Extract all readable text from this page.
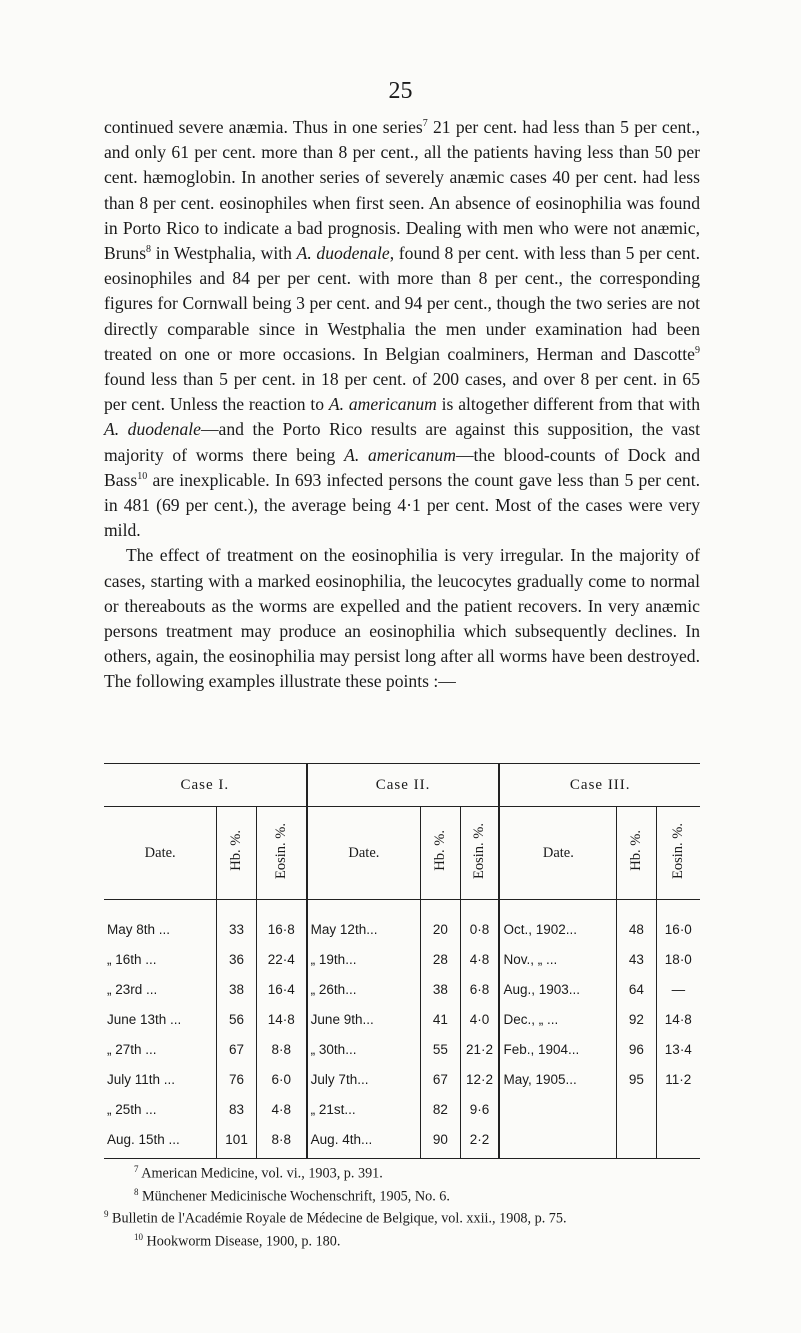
25

continued severe anæmia. Thus in one series$^7$ 21 per cent. had less than 5 per cent., and only 61 per cent. more than 8 per cent., all the patients having less than 50 per cent. hæmoglobin. In another series of severely anæmic cases 40 per cent. had less than 8 per cent. eosinophiles when first seen. An absence of eosinophilia was found in Porto Rico to indicate a bad prognosis. Dealing with men who were not anæmic, Bruns$^8$ in Westphalia, with A. duodenale, found 8 per cent. with less than 5 per cent. eosinophiles and 84 per per cent. with more than 8 per cent., the corresponding figures for Cornwall being 3 per cent. and 94 per cent., though the two series are not directly comparable since in Westphalia the men under examination had been treated on one or more occasions. In Belgian coalminers, Herman and Dascotte$^9$ found less than 5 per cent. in 18 per cent. of 200 cases, and over 8 per cent. in 65 per cent. Unless the reaction to A. americanum is altogether different from that with A. duodenale—and the Porto Rico results are against this supposition, the vast majority of worms there being A. americanum—the blood-counts of Dock and Bass$^{10}$ are inexplicable. In 693 infected persons the count gave less than 5 per cent. in 481 (69 per cent.), the average being 4·1 per cent. Most of the cases were very mild.

The effect of treatment on the eosinophilia is very irregular. In the majority of cases, starting with a marked eosinophilia, the leucocytes gradually come to normal or thereabouts as the worms are expelled and the patient recovers. In very anæmic persons treatment may produce an eosinophilia which subsequently declines. In others, again, the eosinophilia may persist long after all worms have been destroyed. The following examples illustrate these points :—

Case I.			Case II.			Case III.		
Date.	Hb. %.	Eosin. %.	Date.	Hb. %.	Eosin. %.	Date.	Hb. %.	Eosin. %.
May 8th ...	33	16·8	May 12th...	20	0·8	Oct., 1902...	48	16·0
„ 16th ...	36	22·4	„ 19th...	28	4·8	Nov., „ ...	43	18·0
„ 23rd ...	38	16·4	„ 26th...	38	6·8	Aug., 1903...	64	—
June 13th ...	56	14·8	June 9th...	41	4·0	Dec., „ ...	92	14·8
„ 27th ...	67	8·8	„ 30th...	55	21·2	Feb., 1904...	96	13·4
July 11th ...	76	6·0	July 7th...	67	12·2	May, 1905...	95	11·2
„ 25th ...	83	4·8	„ 21st...	82	9·6			
Aug. 15th ...	101	8·8	Aug. 4th...	90	2·2			
$^7$ American Medicine, vol. vi., 1903, p. 391.
$^8$ Münchener Medicinische Wochenschrift, 1905, No. 6.
$^9$ Bulletin de l'Académie Royale de Médecine de Belgique, vol. xxii., 1908, p. 75.
$^{10}$ Hookworm Disease, 1900, p. 180.
